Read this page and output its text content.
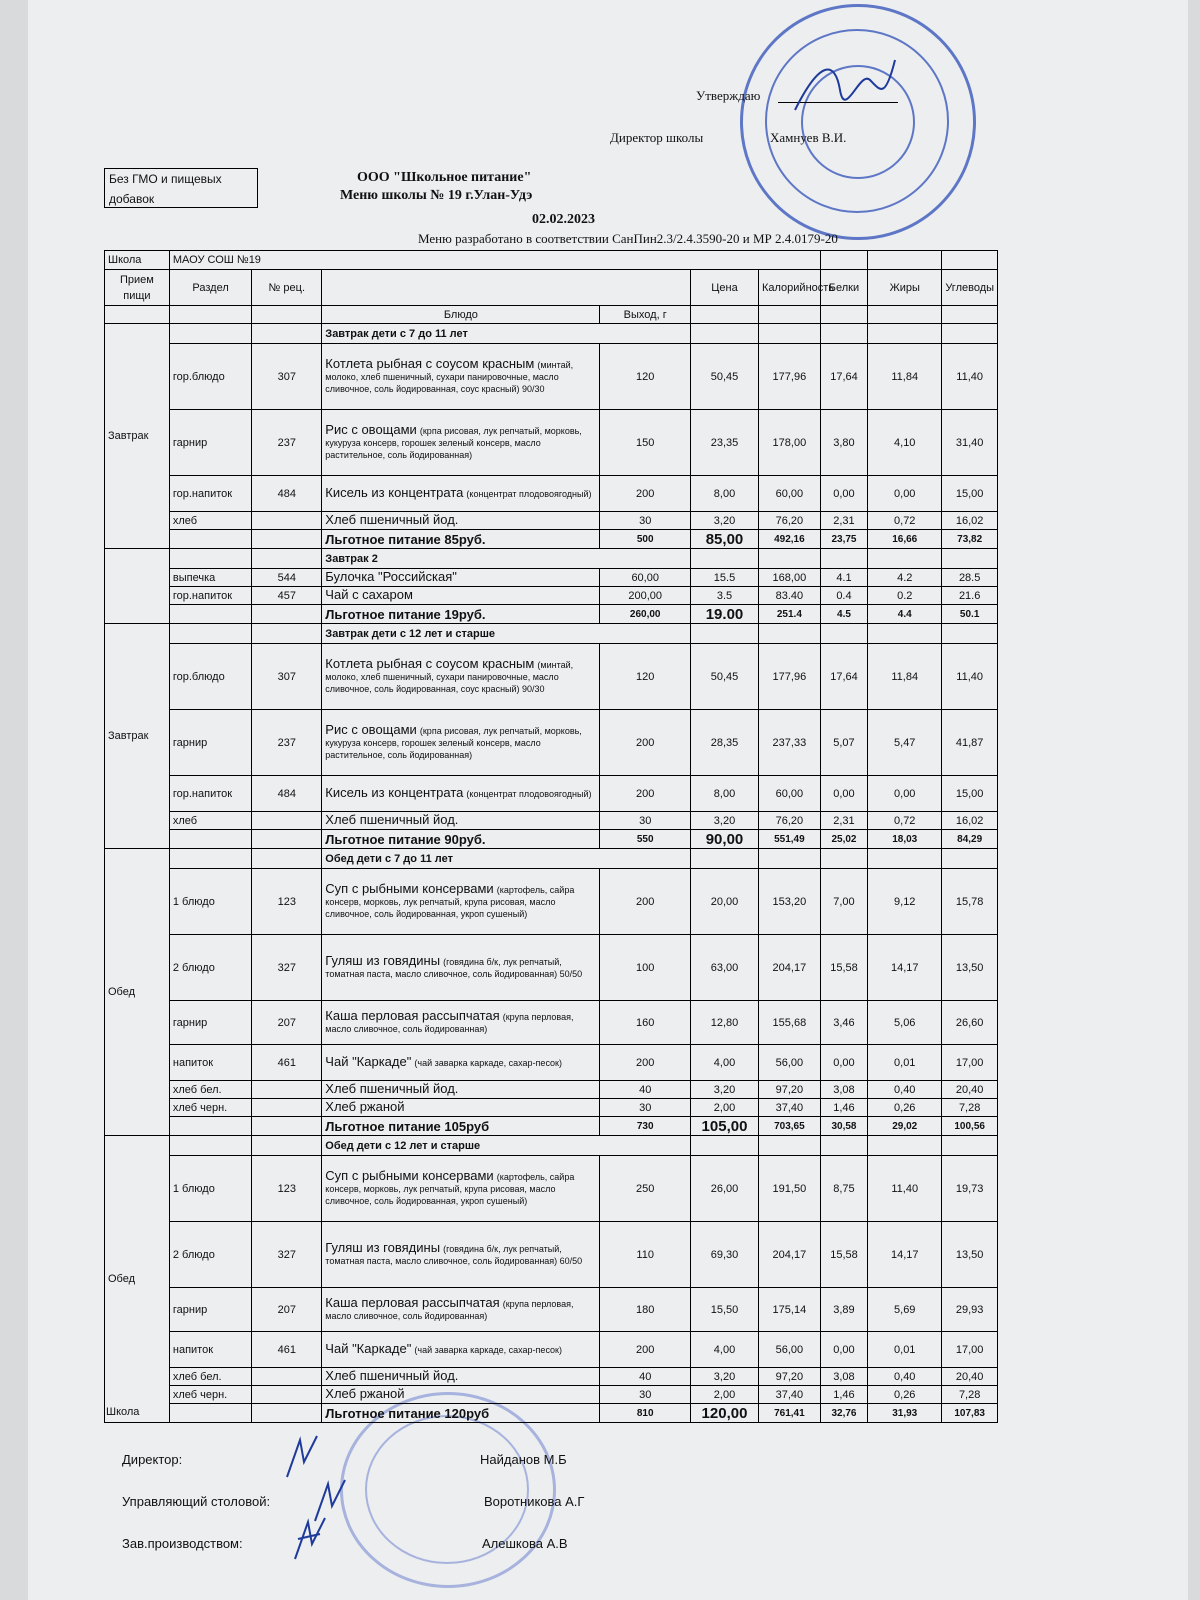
Утверждаю
Директор школы	Хамнуев В.И.
Без ГМО и пищевых
добавок
ООО "Школьное питание"
Меню школы № 19 г.Улан-Удэ
02.02.2023
Меню разработано в соответствии СанПин2.3/2.4.3590-20 и МР 2.4.0179-20
Школа	МАОУ СОШ №19								
Прием пищи	Раздел	№ рец.			Цена	Калорийность	Белки	Жиры	Углеводы
			Блюдо	Выход, г					
Завтрак			Завтрак дети с 7 до 11 лет						
	гор.блюдо	307	Котлета рыбная с соусом красным (минтай, молоко, хлеб пшеничный, сухари панировочные, масло сливочное, соль йодированная, соус красный) 90/30	120	50,45	177,96	17,64	11,84	11,40
	гарнир	237	Рис с овощами (крпа рисовая, лук репчатый, морковь, кукуруза консерв, горошек зеленый консерв, масло растительное, соль йодированная)	150	23,35	178,00	3,80	4,10	31,40
	гор.напиток	484	Кисель из концентрата (концентрат плодовоягодный)	200	8,00	60,00	0,00	0,00	15,00
	хлеб		Хлеб пшеничный йод.	30	3,20	76,20	2,31	0,72	16,02
			Льготное питание 85руб.	500	85,00	492,16	23,75	16,66	73,82
			Завтрак 2						
	выпечка	544	Булочка "Российская"	60,00	15.5	168,00	4.1	4.2	28.5
	гор.напиток	457	Чай с сахаром	200,00	3.5	83.40	0.4	0.2	21.6
			Льготное питание 19руб.	260,00	19.00	251.4	4.5	4.4	50.1
Завтрак			Завтрак дети с 12 лет и старше						
	гор.блюдо	307	Котлета рыбная с соусом красным (минтай, молоко, хлеб пшеничный, сухари панировочные, масло сливочное, соль йодированная, соус красный) 90/30	120	50,45	177,96	17,64	11,84	11,40
	гарнир	237	Рис с овощами (крпа рисовая, лук репчатый, морковь, кукуруза консерв, горошек зеленый консерв, масло растительное, соль йодированная)	200	28,35	237,33	5,07	5,47	41,87
	гор.напиток	484	Кисель из концентрата (концентрат плодовоягодный)	200	8,00	60,00	0,00	0,00	15,00
	хлеб		Хлеб пшеничный йод.	30	3,20	76,20	2,31	0,72	16,02
			Льготное питание 90руб.	550	90,00	551,49	25,02	18,03	84,29
Обед			Обед дети с 7 до 11 лет						
	1 блюдо	123	Суп с рыбными консервами (картофель, сайра консерв, морковь, лук репчатый, крупа рисовая, масло сливочное, соль йодированная, укроп сушеный)	200	20,00	153,20	7,00	9,12	15,78
	2 блюдо	327	Гуляш из говядины (говядина б/к, лук репчатый, томатная паста, масло сливочное, соль йодированная) 50/50	100	63,00	204,17	15,58	14,17	13,50
	гарнир	207	Каша перловая рассыпчатая (крупа перловая, масло сливочное, соль йодированная)	160	12,80	155,68	3,46	5,06	26,60
	напиток	461	Чай "Каркаде" (чай заварка каркаде, сахар-песок)	200	4,00	56,00	0,00	0,01	17,00
	хлеб бел.		Хлеб пшеничный йод.	40	3,20	97,20	3,08	0,40	20,40
	хлеб черн.		Хлеб ржаной	30	2,00	37,40	1,46	0,26	7,28
			Льготное питание 105руб	730	105,00	703,65	30,58	29,02	100,56
Обед			Обед дети с 12 лет и старше						
	1 блюдо	123	Суп с рыбными консервами (картофель, сайра консерв, морковь, лук репчатый, крупа рисовая, масло сливочное, соль йодированная, укроп сушеный)	250	26,00	191,50	8,75	11,40	19,73
	2 блюдо	327	Гуляш из говядины (говядина б/к, лук репчатый, томатная паста, масло сливочное, соль йодированная) 60/50	110	69,30	204,17	15,58	14,17	13,50
	гарнир	207	Каша перловая рассыпчатая (крупа перловая, масло сливочное, соль йодированная)	180	15,50	175,14	3,89	5,69	29,93
	напиток	461	Чай "Каркаде" (чай заварка каркаде, сахар-песок)	200	4,00	56,00	0,00	0,01	17,00
	хлеб бел.		Хлеб пшеничный йод.	40	3,20	97,20	3,08	0,40	20,40
	хлеб черн.		Хлеб ржаной	30	2,00	37,40	1,46	0,26	7,28
			Льготное питание 120руб	810	120,00	761,41	32,76	31,93	107,83
Директор:	Найданов М.Б
Управляющий столовой:	Воротникова А.Г
Зав.производством:	Алешкова А.В
Школа
